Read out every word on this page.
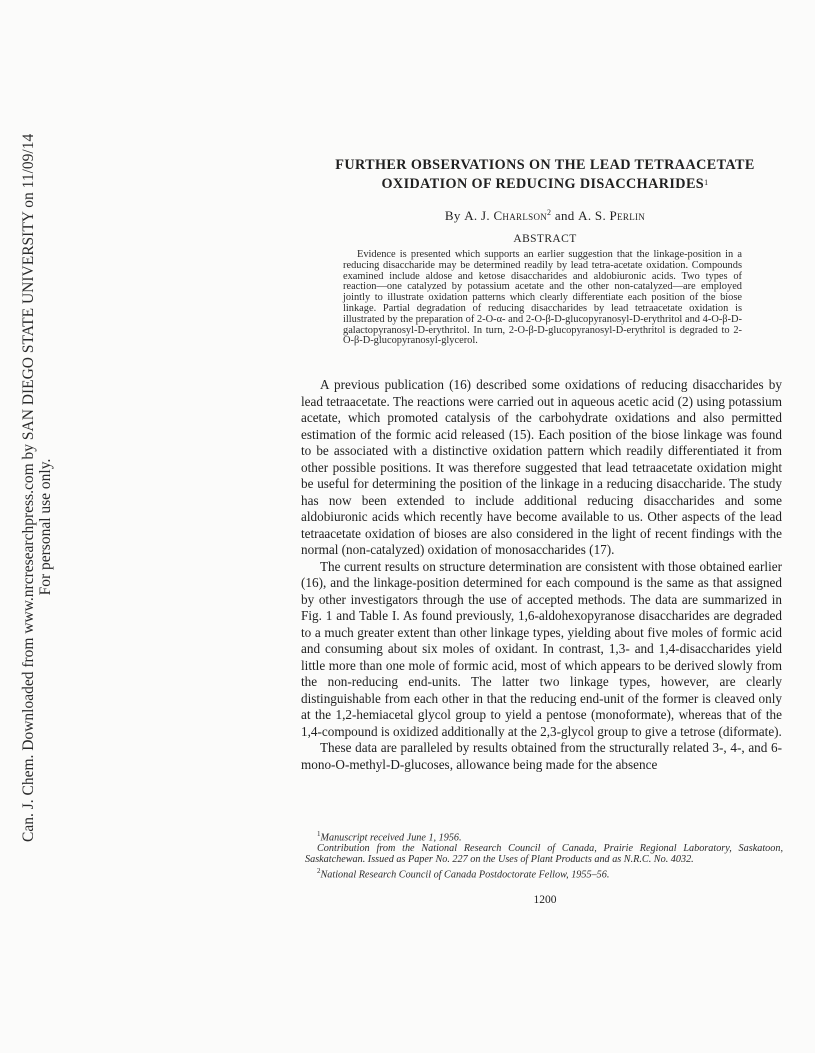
Can. J. Chem. Downloaded from www.nrcresearchpress.com by SAN DIEGO STATE UNIVERSITY on 11/09/14 For personal use only.
FURTHER OBSERVATIONS ON THE LEAD TETRAACETATE
OXIDATION OF REDUCING DISACCHARIDES$^1$
By A. J. Charlson$^2$ and A. S. Perlin
ABSTRACT
Evidence is presented which supports an earlier suggestion that the linkage-position in a reducing disaccharide may be determined readily by lead tetra-acetate oxidation. Compounds examined include aldose and ketose disaccharides and aldobiuronic acids. Two types of reaction—one catalyzed by potassium acetate and the other non-catalyzed—are employed jointly to illustrate oxidation patterns which clearly differentiate each position of the biose linkage. Partial degradation of reducing disaccharides by lead tetraacetate oxidation is illustrated by the preparation of 2-O-α- and 2-O-β-D-glucopyranosyl-D-erythritol and 4-O-β-D-galactopyranosyl-D-erythritol. In turn, 2-O-β-D-glucopyranosyl-D-erythritol is degraded to 2-O-β-D-glucopyranosyl-glycerol.

A previous publication (16) described some oxidations of reducing disaccharides by lead tetraacetate. The reactions were carried out in aqueous acetic acid (2) using potassium acetate, which promoted catalysis of the carbohydrate oxidations and also permitted estimation of the formic acid released (15). Each position of the biose linkage was found to be associated with a distinctive oxidation pattern which readily differentiated it from other possible positions. It was therefore suggested that lead tetraacetate oxidation might be useful for determining the position of the linkage in a reducing disaccharide. The study has now been extended to include additional reducing disaccharides and some aldobiuronic acids which recently have become available to us. Other aspects of the lead tetraacetate oxidation of bioses are also considered in the light of recent findings with the normal (non-catalyzed) oxidation of monosaccharides (17).

The current results on structure determination are consistent with those obtained earlier (16), and the linkage-position determined for each compound is the same as that assigned by other investigators through the use of accepted methods. The data are summarized in Fig. 1 and Table I. As found previously, 1,6-aldohexopyranose disaccharides are degraded to a much greater extent than other linkage types, yielding about five moles of formic acid and consuming about six moles of oxidant. In contrast, 1,3- and 1,4-disaccharides yield little more than one mole of formic acid, most of which appears to be derived slowly from the non-reducing end-units. The latter two linkage types, however, are clearly distinguishable from each other in that the reducing end-unit of the former is cleaved only at the 1,2-hemiacetal glycol group to yield a pentose (monoformate), whereas that of the 1,4-compound is oxidized additionally at the 2,3-glycol group to give a tetrose (diformate).

These data are paralleled by results obtained from the structurally related 3-, 4-, and 6-mono-O-methyl-D-glucoses, allowance being made for the absence

$^1$Manuscript received June 1, 1956.

Contribution from the National Research Council of Canada, Prairie Regional Laboratory, Saskatoon, Saskatchewan. Issued as Paper No. 227 on the Uses of Plant Products and as N.R.C. No. 4032.

$^2$National Research Council of Canada Postdoctorate Fellow, 1955–56.

1200
